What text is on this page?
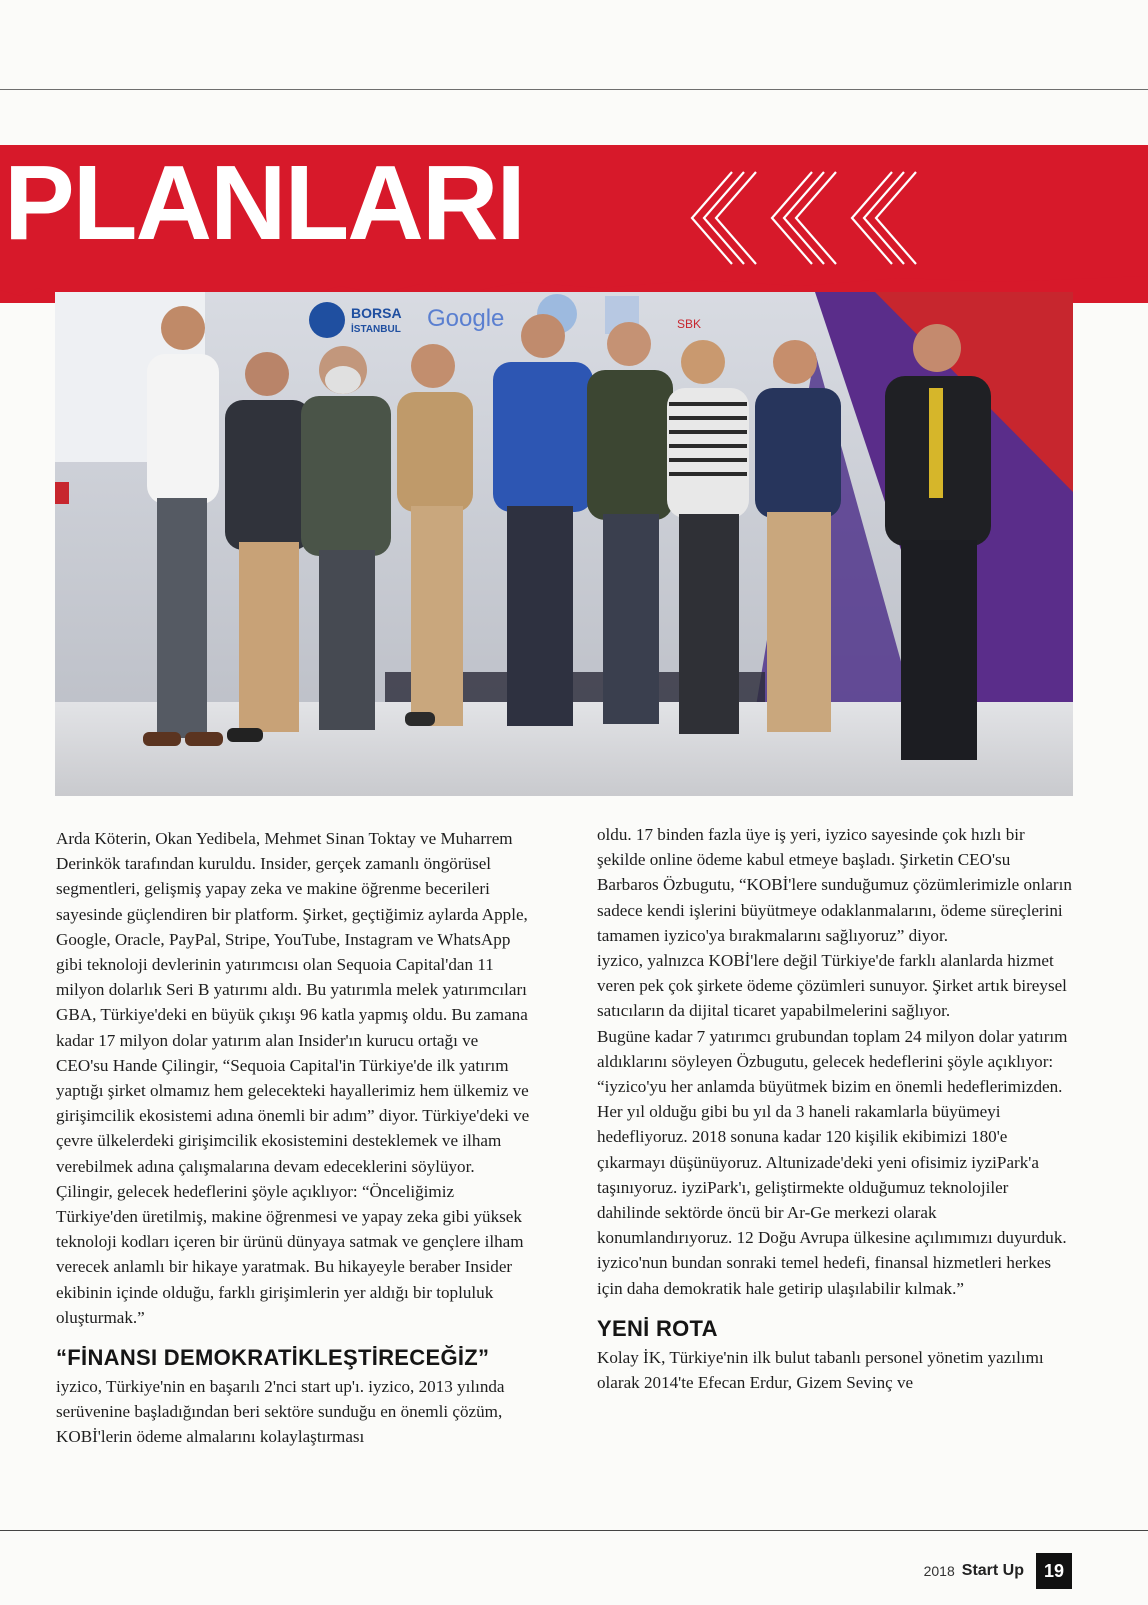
PLANLARI
BORSA
İSTANBUL Google	SBK

Arda Köterin, Okan Yedibela, Mehmet Sinan Toktay ve Muharrem Derinkök tarafından kuruldu. Insider, gerçek zamanlı öngörüsel segmentleri, gelişmiş yapay zeka ve makine öğrenme becerileri sayesinde güçlendiren bir platform. Şirket, geçtiğimiz aylarda Apple, Google, Oracle, PayPal, Stripe, YouTube, Instagram ve WhatsApp gibi teknoloji devlerinin yatırımcısı olan Sequoia Capital'dan 11 milyon dolarlık Seri B yatırımı aldı. Bu yatırımla melek yatırımcıları GBA, Türkiye'deki en büyük çıkışı 96 katla yapmış oldu. Bu zamana kadar 17 milyon dolar yatırım alan Insider'ın kurucu ortağı ve CEO'su Hande Çilingir, “Sequoia Capital'in Türkiye'de ilk yatırım yaptığı şirket olmamız hem gelecekteki hayallerimiz hem ülkemiz ve girişimcilik ekosistemi adına önemli bir adım” diyor. Türkiye'deki ve çevre ülkelerdeki girişimcilik ekosistemini desteklemek ve ilham verebilmek adına çalışmalarına devam edeceklerini söylüyor. Çilingir, gelecek hedeflerini şöyle açıklıyor: “Önceliğimiz Türkiye'den üretilmiş, makine öğrenmesi ve yapay zeka gibi yüksek teknoloji kodları içeren bir ürünü dünyaya satmak ve gençlere ilham verecek anlamlı bir hikaye yaratmak. Bu hikayeyle beraber Insider ekibinin içinde olduğu, farklı girişimlerin yer aldığı bir topluluk oluşturmak.”

“FİNANSI DEMOKRATİKLEŞTİRECEĞİZ”

iyzico, Türkiye'nin en başarılı 2'nci start up'ı. iyzico, 2013 yılında serüvenine başladığından beri sektöre sunduğu en önemli çözüm, KOBİ'lerin ödeme almalarını kolaylaştırması

oldu. 17 binden fazla üye iş yeri, iyzico sayesinde çok hızlı bir şekilde online ödeme kabul etmeye başladı. Şirketin CEO'su Barbaros Özbugutu, “KOBİ'lere sunduğumuz çözümlerimizle onların sadece kendi işlerini büyütmeye odaklanmalarını, ödeme süreçlerini tamamen iyzico'ya bırakmalarını sağlıyoruz” diyor.

iyzico, yalnızca KOBİ'lere değil Türkiye'de farklı alanlarda hizmet veren pek çok şirkete ödeme çözümleri sunuyor. Şirket artık bireysel satıcıların da dijital ticaret yapabilmelerini sağlıyor.

Bugüne kadar 7 yatırımcı grubundan toplam 24 milyon dolar yatırım aldıklarını söyleyen Özbugutu, gelecek hedeflerini şöyle açıklıyor:

“iyzico'yu her anlamda büyütmek bizim en önemli hedeflerimizden. Her yıl olduğu gibi bu yıl da 3 haneli rakamlarla büyümeyi hedefliyoruz. 2018 sonuna kadar 120 kişilik ekibimizi 180'e çıkarmayı düşünüyoruz. Altunizade'deki yeni ofisimiz iyziPark'a taşınıyoruz. iyziPark'ı, geliştirmekte olduğumuz teknolojiler dahilinde sektörde öncü bir Ar-Ge merkezi olarak konumlandırıyoruz. 12 Doğu Avrupa ülkesine açılımımızı duyurduk. iyzico'nun bundan sonraki temel hedefi, finansal hizmetleri herkes için daha demokratik hale getirip ulaşılabilir kılmak.”

YENİ ROTA

Kolay İK, Türkiye'nin ilk bulut tabanlı personel yönetim yazılımı olarak 2014'te Efecan Erdur, Gizem Sevinç ve

2018 Start Up	19
